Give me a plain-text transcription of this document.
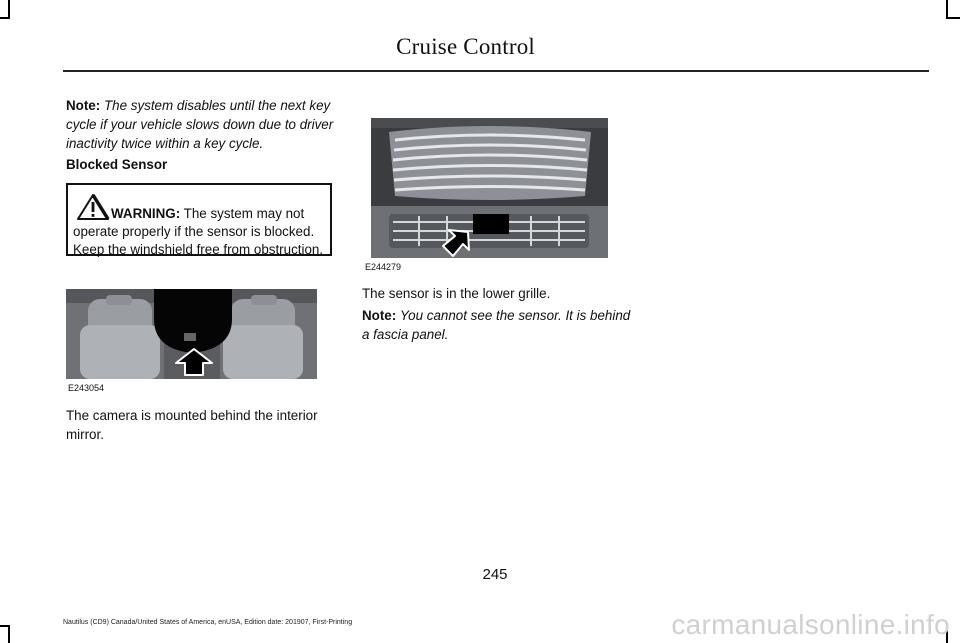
Cruise Control
Note: The system disables until the next key cycle if your vehicle slows down due to driver inactivity twice within a key cycle.
Blocked Sensor
WARNING: The system may not operate properly if the sensor is blocked. Keep the windshield free from obstruction.
E243054
The camera is mounted behind the interior mirror.
E244279
The sensor is in the lower grille.
Note: You cannot see the sensor. It is behind a fascia panel.
245
Nautilus (CD9) Canada/United States of America, enUSA, Edition date: 201907, First-Printing	carmanualsonline.info
